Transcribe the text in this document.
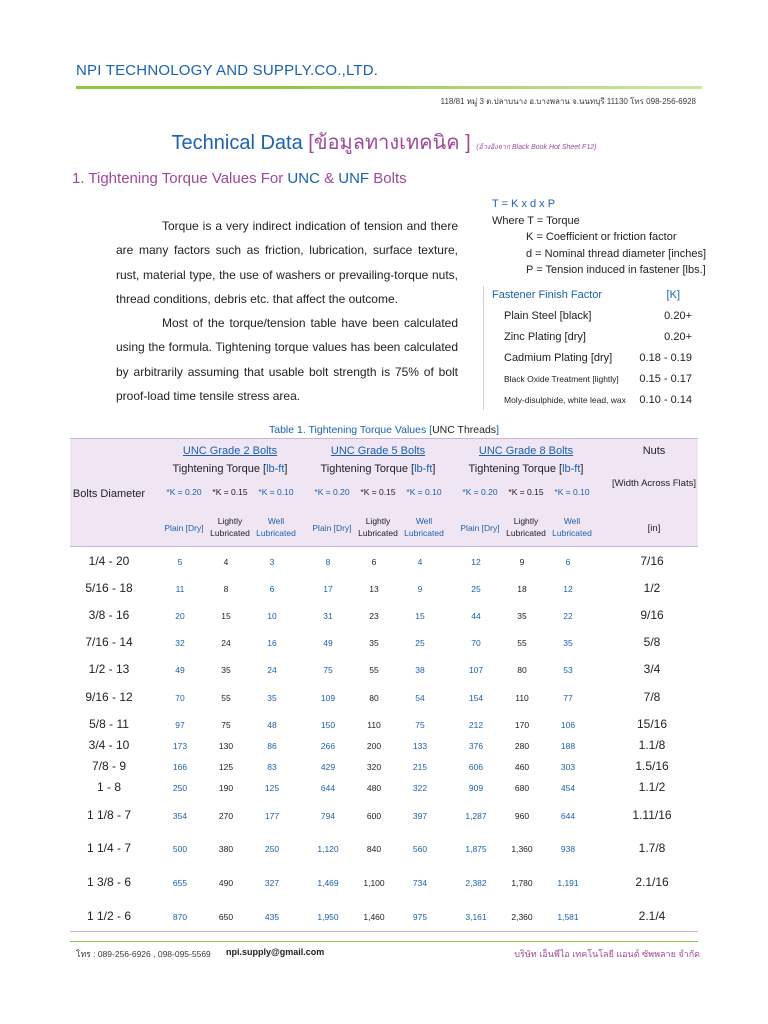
NPI TECHNOLOGY AND SUPPLY.CO.,LTD.
118/81 หมู่ 3 ต.ปลาบนาง อ.บางพลาน จ.นนทบุรี 11130 โทร 098-256-6928
Technical Data [ข้อมูลทางเทคนิค ] (อ้างอิงจาก Black Book Hot Sheet F12)
1. Tightening Torque Values For UNC & UNF Bolts
Torque is a very indirect indication of tension and there are many factors such as friction, lubrication, surface texture, rust, material type, the use of washers or prevailing-torque nuts, thread conditions, debris etc. that affect the outcome.
Most of the torque/tension table have been calculated using the formula. Tightening torque values has been calculated by arbitrarily assuming that usable bolt strength is 75% of bolt proof-load time tensile stress area.
T = K x d x P
Where T = Torque
K = Coefficient or friction factor
d = Nominal thread diameter [inches]
P = Tension induced in fastener [lbs.]
Fastener Finish Factor	[K]
Plain Steel [black]	0.20+
Zinc Plating [dry]	0.20+
Cadmium Plating [dry] 0.18 - 0.19
Black Oxide Treatment [lightly] 0.15 - 0.17
Moly-disulphide, white lead, wax 0.10 - 0.14
Table 1. Tightening Torque Values [UNC Threads]
Bolts Diameter
Nuts
[Width Across Flats]
[in]
UNC Grade 2 Bolts	UNC Grade 5 Bolts	UNC Grade 8 Bolts
Tightening Torque [lb-ft]	Tightening Torque [lb-ft]	Tightening Torque [lb-ft]
*K = 0.20	*K = 0.15	*K = 0.10	*K = 0.20	*K = 0.15	*K = 0.10	*K = 0.20	*K = 0.15	*K = 0.10
Plain [Dry]
Lightly
Lubricated
Well
Lubricated	Plain [Dry]
Lightly
Lubricated
Well
Lubricated	Plain [Dry]
Lightly
Lubricated
Well
Lubricated
1/4 - 20	5	4	3	8	6	4	12	9	6	7/16
5/16 - 18	11	8	6	17	13	9	25	18	12	1/2
3/8 - 16	20	15	10	31	23	15	44	35	22	9/16
7/16 - 14	32	24	16	49	35	25	70	55	35	5/8
1/2 - 13	49	35	24	75	55	38	107	80	53	3/4
9/16 - 12	70	55	35	109	80	54	154	110	77	7/8
5/8 - 11	97	75	48	150	110	75	212	170	106	15/16
3/4 - 10	173	130	86	266	200	133	376	280	188	1.1/8
7/8 - 9	166	125	83	429	320	215	606	460	303	1.5/16
1 - 8	250	190	125	644	480	322	909	680	454	1.1/2
1 1/8 - 7	354	270	177	794	600	397	1,287	960	644	1.11/16
1 1/4 - 7	500	380	250	1,120	840	560	1,875	1,360	938	1.7/8
1 3/8 - 6	655	490	327	1,469	1,100	734	2,382	1,780	1,191	2.1/16
1 1/2 - 6	870	650	435	1,950	1,460	975	3,161	2,360	1,581	2.1/4
โทร : 089-256-6926 , 098-095-5569 npi.supply@gmail.com	บริษัท เอ็นพีไอ เทคโนโลยี แอนด์ ซัพพลาย จำกัด
